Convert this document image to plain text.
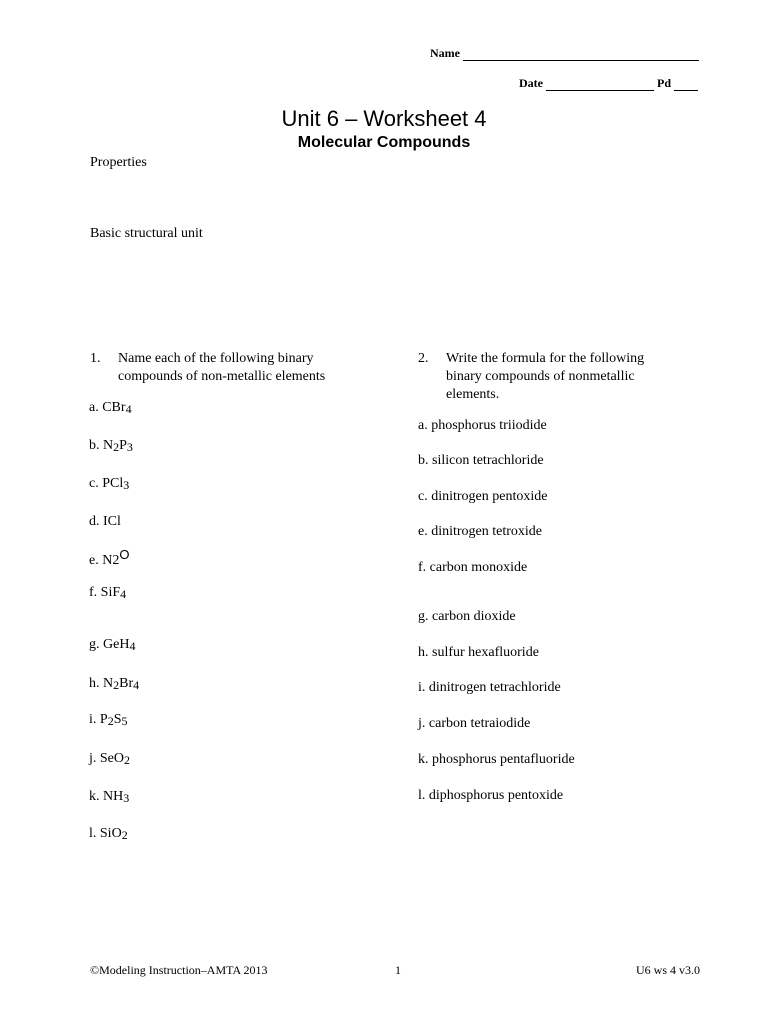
Name
Date	Pd
Unit 6 – Worksheet 4
Molecular Compounds
Properties
Basic structural unit
1. Name each of the following binary
compounds of non-metallic elements
a. CBr$_4$
b. $N_2P_3$
c. PCl$_3$
d. ICl
e. $N2^O$
f. SiF$_4$
g. GeH$_4$
h. $N_2Br_4$
i. $P_2S_5$
j. SeO$_2$
k. $NH_3$
l. SiO$_2$
2. Write the formula for the following
binary compounds of nonmetallic
elements.
a. phosphorus triiodide
b. silicon tetrachloride
c. dinitrogen pentoxide
e. dinitrogen tetroxide
f. carbon monoxide
g. carbon dioxide
h. sulfur hexafluoride
i. dinitrogen tetrachloride
j. carbon tetraiodide
k. phosphorus pentafluoride
l. diphosphorus pentoxide
©Modeling Instruction–AMTA 2013	1	U6 ws 4 v3.0
